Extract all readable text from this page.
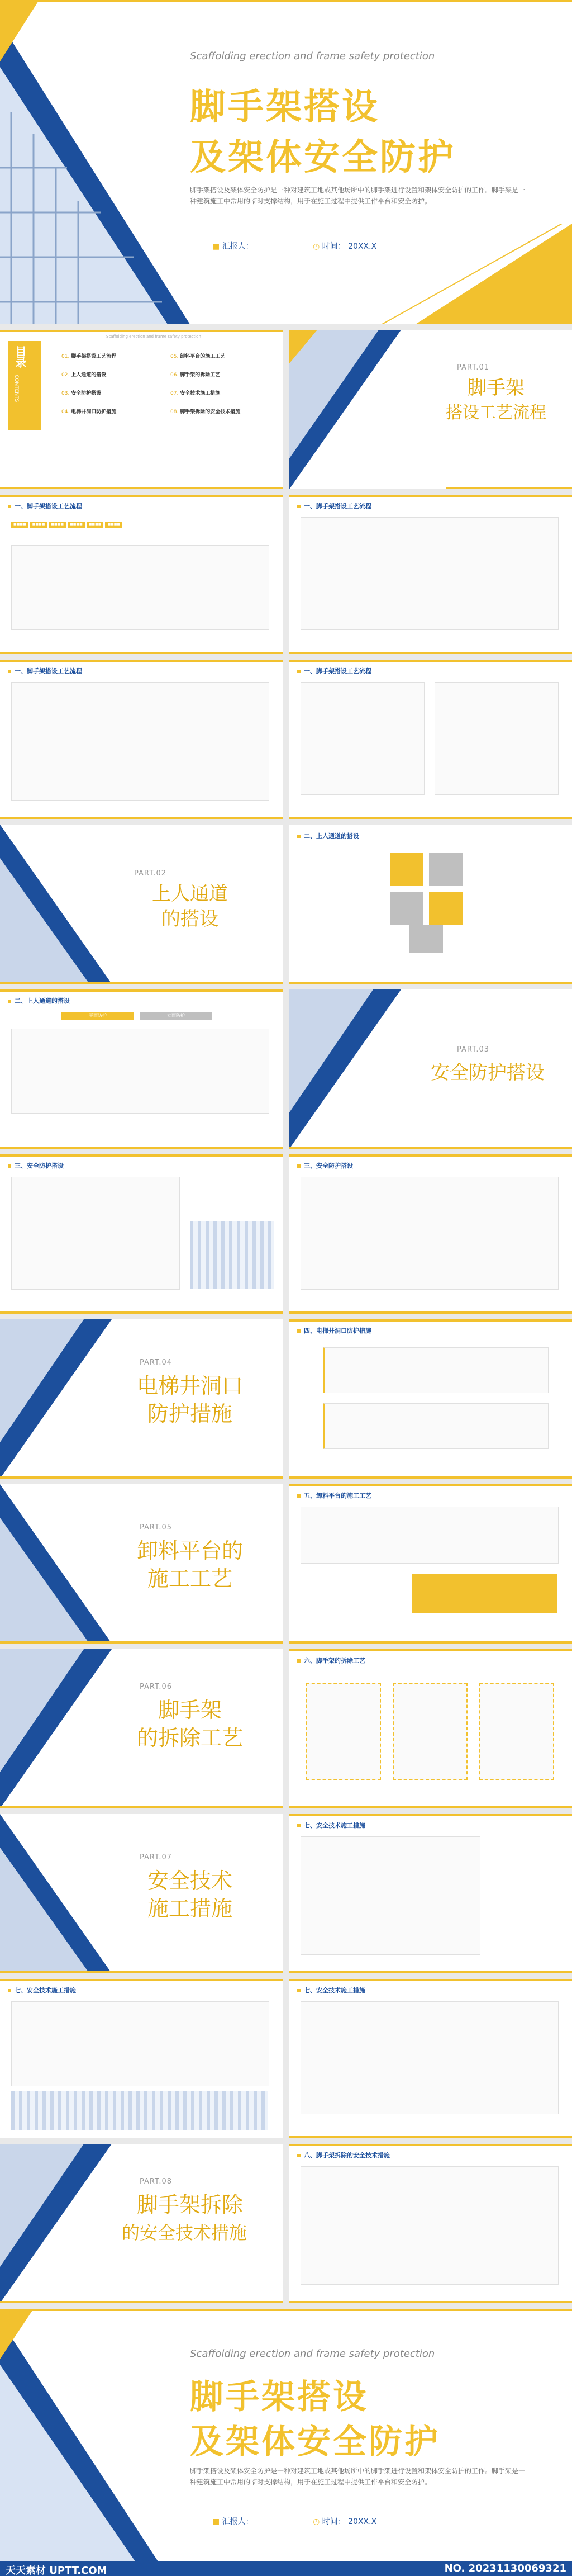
Scaffolding erection and frame safety protection
脚手架搭设
及架体安全防护
脚手架搭设及架体安全防护是一种对建筑工地或其他场所中的脚手架进行设置和架体安全防护的工作。脚手架是一种建筑施工中常用的临时支撑结构，用于在施工过程中提供工作平台和安全防护。
■ 汇报人：	◷ 时间： 20XX.X
Scaffolding erection and frame safety protection
目录
CONTENTS
01. 脚手架搭设工艺流程	05. 卸料平台的施工工艺
02. 上人通道的搭设	06. 脚手架的拆除工艺
03. 安全防护搭设	07. 安全技术施工措施
04. 电梯井洞口防护措施	08. 脚手架拆除的安全技术措施
PART.01
脚手架
搭设工艺流程
一、脚手架搭设工艺流程
■■■■ ■■■■ ■■■■ ■■■■ ■■■■ ■■■■
一、脚手架搭设工艺流程
一、脚手架搭设工艺流程	一、脚手架搭设工艺流程
PART.02
上人通道
的搭设
二、上人通道的搭设
二、上人通道的搭设
平面防护	立面防护
PART.03
安全防护搭设
三、安全防护搭设	三、安全防护搭设
PART.04
电梯井洞口
防护措施
四、电梯井洞口防护措施
PART.05
卸料平台的
施工工艺
五、卸料平台的施工工艺
PART.06
脚手架
的拆除工艺
六、脚手架的拆除工艺
PART.07
安全技术
施工措施
七、安全技术施工措施
七、安全技术施工措施	七、安全技术施工措施
PART.08
脚手架拆除
的安全技术措施
八、脚手架拆除的安全技术措施
Scaffolding erection and frame safety protection
脚手架搭设
及架体安全防护
脚手架搭设及架体安全防护是一种对建筑工地或其他场所中的脚手架进行设置和架体安全防护的工作。脚手架是一种建筑施工中常用的临时支撑结构，用于在施工过程中提供工作平台和安全防护。
■ 汇报人：	◷ 时间： 20XX.X
天天素材 UPTT.COM	NO. 20231130069321
